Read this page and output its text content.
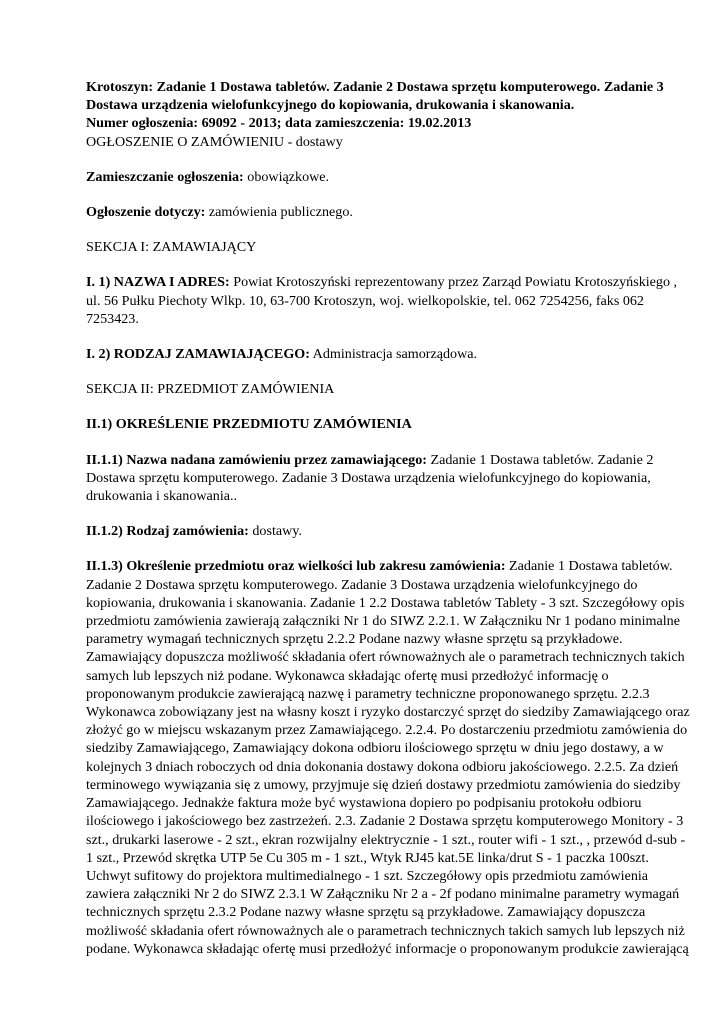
Krotoszyn: Zadanie 1 Dostawa tabletów. Zadanie 2 Dostawa sprzętu komputerowego. Zadanie 3 Dostawa urządzenia wielofunkcyjnego do kopiowania, drukowania i skanowania.

Numer ogłoszenia: 69092 - 2013; data zamieszczenia: 19.02.2013

OGŁOSZENIE O ZAMÓWIENIU - dostawy

Zamieszczanie ogłoszenia: obowiązkowe.

Ogłoszenie dotyczy: zamówienia publicznego.

SEKCJA I: ZAMAWIAJĄCY

I. 1) NAZWA I ADRES: Powiat Krotoszyński reprezentowany przez Zarząd Powiatu Krotoszyńskiego , ul. 56 Pułku Piechoty Wlkp. 10, 63-700 Krotoszyn, woj. wielkopolskie, tel. 062 7254256, faks 062 7253423.

I. 2) RODZAJ ZAMAWIAJĄCEGO: Administracja samorządowa.

SEKCJA II: PRZEDMIOT ZAMÓWIENIA

II.1) OKREŚLENIE PRZEDMIOTU ZAMÓWIENIA

II.1.1) Nazwa nadana zamówieniu przez zamawiającego: Zadanie 1 Dostawa tabletów. Zadanie 2 Dostawa sprzętu komputerowego. Zadanie 3 Dostawa urządzenia wielofunkcyjnego do kopiowania, drukowania i skanowania..

II.1.2) Rodzaj zamówienia: dostawy.

II.1.3) Określenie przedmiotu oraz wielkości lub zakresu zamówienia: Zadanie 1 Dostawa tabletów. Zadanie 2 Dostawa sprzętu komputerowego. Zadanie 3 Dostawa urządzenia wielofunkcyjnego do kopiowania, drukowania i skanowania. Zadanie 1 2.2 Dostawa tabletów Tablety - 3 szt. Szczegółowy opis przedmiotu zamówienia zawierają załączniki Nr 1 do SIWZ 2.2.1. W Załączniku Nr 1 podano minimalne parametry wymagań technicznych sprzętu 2.2.2 Podane nazwy własne sprzętu są przykładowe. Zamawiający dopuszcza możliwość składania ofert równoważnych ale o parametrach technicznych takich samych lub lepszych niż podane. Wykonawca składając ofertę musi przedłożyć informację o proponowanym produkcie zawierającą nazwę i parametry techniczne proponowanego sprzętu. 2.2.3 Wykonawca zobowiązany jest na własny koszt i ryzyko dostarczyć sprzęt do siedziby Zamawiającego oraz złożyć go w miejscu wskazanym przez Zamawiającego. 2.2.4. Po dostarczeniu przedmiotu zamówienia do siedziby Zamawiającego, Zamawiający dokona odbioru ilościowego sprzętu w dniu jego dostawy, a w kolejnych 3 dniach roboczych od dnia dokonania dostawy dokona odbioru jakościowego. 2.2.5. Za dzień terminowego wywiązania się z umowy, przyjmuje się dzień dostawy przedmiotu zamówienia do siedziby Zamawiającego. Jednakże faktura może być wystawiona dopiero po podpisaniu protokołu odbioru ilościowego i jakościowego bez zastrzeżeń. 2.3. Zadanie 2 Dostawa sprzętu komputerowego Monitory - 3 szt., drukarki laserowe - 2 szt., ekran rozwijalny elektrycznie - 1 szt., router wifi - 1 szt., , przewód d-sub - 1 szt., Przewód skrętka UTP 5e Cu 305 m - 1 szt., Wtyk RJ45 kat.5E linka/drut S - 1 paczka 100szt. Uchwyt sufitowy do projektora multimedialnego - 1 szt. Szczegółowy opis przedmiotu zamówienia zawiera załączniki Nr 2 do SIWZ 2.3.1 W Załączniku Nr 2 a - 2f podano minimalne parametry wymagań technicznych sprzętu 2.3.2 Podane nazwy własne sprzętu są przykładowe. Zamawiający dopuszcza możliwość składania ofert równoważnych ale o parametrach technicznych takich samych lub lepszych niż podane. Wykonawca składając ofertę musi przedłożyć informacje o proponowanym produkcie zawierającą
